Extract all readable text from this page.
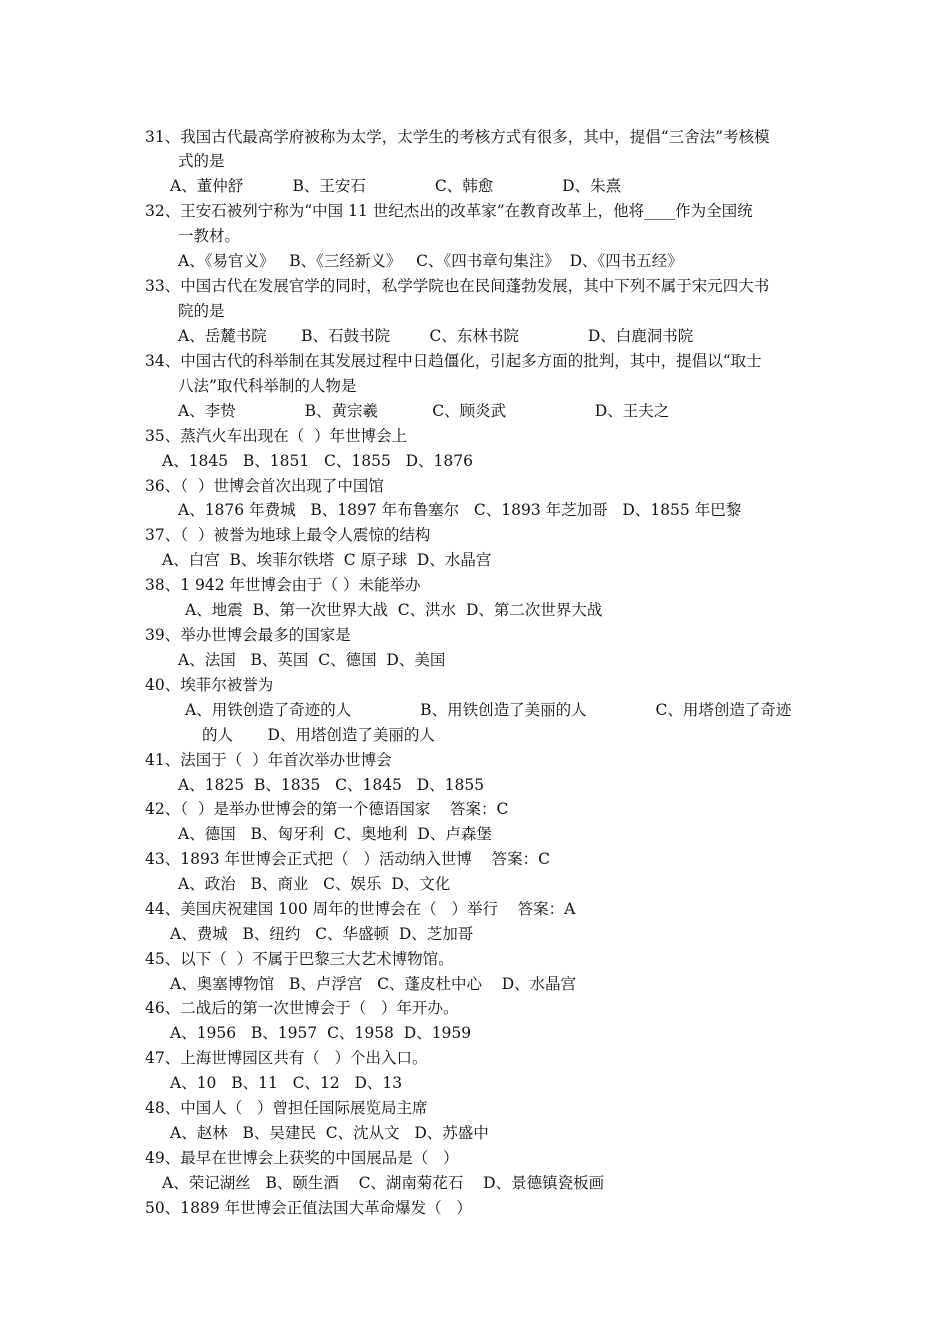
31、我国古代最高学府被称为太学，太学生的考核方式有很多，其中，提倡“三舍法”考核模
式的是
A、董仲舒          B、王安石              C、韩愈              D、朱熹
32、王安石被列宁称为“中国 11 世纪杰出的改革家”在教育改革上，他将____作为全国统
一教材。
A、《易官义》   B、《三经新义》   C、《四书章句集注》  D、《四书五经》
33、中国古代在发展官学的同时，私学学院也在民间蓬勃发展，其中下列不属于宋元四大书
院的是
A、岳麓书院       B、石鼓书院        C、东林书院              D、白鹿洞书院
34、中国古代的科举制在其发展过程中日趋僵化，引起多方面的批判，其中，提倡以“取士
八法”取代科举制的人物是
A、李贽              B、黄宗羲           C、顾炎武                  D、王夫之
35、蒸汽火车出现在（  ）年世博会上
A、1845   B、1851   C、1855   D、1876
36、（  ）世博会首次出现了中国馆
A、1876 年费城   B、1897 年布鲁塞尔   C、1893 年芝加哥   D、1855 年巴黎
37、（  ）被誉为地球上最令人震惊的结构
A、白宫  B、埃菲尔铁塔  C 原子球  D、水晶宫
38、1 942 年世博会由于（ ）未能举办
A、地震  B、第一次世界大战  C、洪水  D、第二次世界大战
39、举办世博会最多的国家是
A、法国   B、英国  C、德国  D、美国
40、埃菲尔被誉为
A、用铁创造了奇迹的人              B、用铁创造了美丽的人              C、用塔创造了奇迹
的人       D、用塔创造了美丽的人
41、法国于（  ）年首次举办世博会
A、1825  B、1835   C、1845   D、1855
42、（  ）是举办世博会的第一个德语国家    答案：C
A、德国   B、匈牙利  C、奥地利  D、卢森堡
43、1893 年世博会正式把（   ）活动纳入世博    答案：C
A、政治   B、商业   C、娱乐  D、文化
44、美国庆祝建国 100 周年的世博会在（   ）举行    答案：A
A、费城   B、纽约   C、华盛顿  D、芝加哥
45、以下（  ）不属于巴黎三大艺术博物馆。
A、奥塞博物馆   B、卢浮宫   C、蓬皮杜中心    D、水晶宫
46、二战后的第一次世博会于（   ）年开办。
A、1956   B、1957  C、1958  D、1959
47、上海世博园区共有（   ）个出入口。
A、10   B、11   C、12   D、13
48、中国人（   ）曾担任国际展览局主席
A、赵林   B、吴建民  C、沈从文   D、苏盛中
49、最早在世博会上获奖的中国展品是（   ）
A、荣记湖丝   B、颐生酒    C、湖南菊花石    D、景德镇瓷板画
50、1889 年世博会正值法国大革命爆发（   ）
